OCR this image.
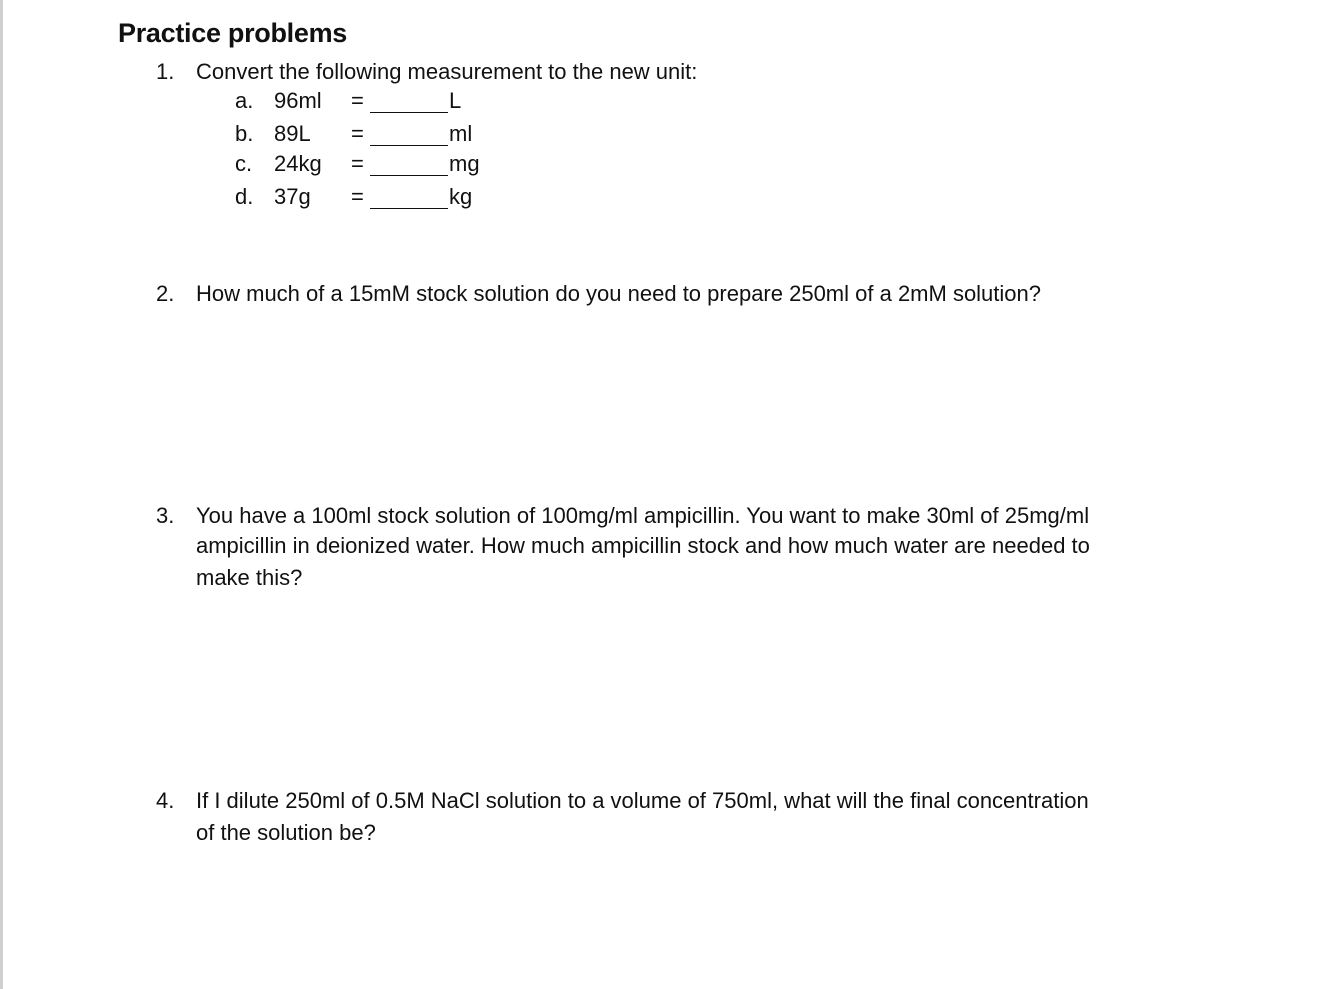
Practice problems
1. Convert the following measurement to the new unit:
a. 96ml =	L
b. 89L =	ml
c. 24kg =	mg
d. 37g =	kg
2. How much of a 15mM stock solution do you need to prepare 250ml of a 2mM solution?
3. You have a 100ml stock solution of 100mg/ml ampicillin. You want to make 30ml of 25mg/ml
ampicillin in deionized water. How much ampicillin stock and how much water are needed to
make this?
4. If I dilute 250ml of 0.5M NaCl solution to a volume of 750ml, what will the final concentration
of the solution be?
